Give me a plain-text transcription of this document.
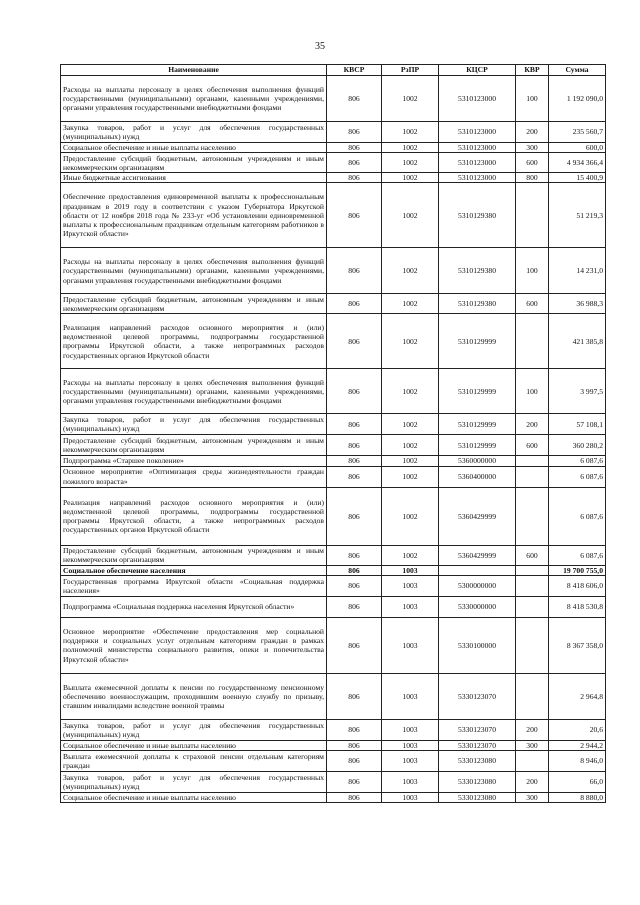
35
Наименование	КВСР	РзПР	КЦСР	КВР	Сумма
Расходы на выплаты персоналу в целях обеспечения выполнения функций государственными (муниципальными) органами, казенными учреждениями, органами управления государственными внебюджетными фондами	806	1002	5310123000	100	1 192 090,0
Закупка товаров, работ и услуг для обеспечения государственных (муниципальных) нужд	806	1002	5310123000	200	235 560,7
Социальное обеспечение и иные выплаты населению	806	1002	5310123000	300	600,0
Предоставление субсидий бюджетным, автономным учреждениям и иным некоммерческим организациям	806	1002	5310123000	600	4 934 366,4
Иные бюджетные ассигнования	806	1002	5310123000	800	15 400,9
Обеспечение предоставления единовременной выплаты к профессиональным праздникам в 2019 году в соответствии с указом Губернатора Иркутской области от 12 ноября 2018 года № 233-уг «Об установлении единовременной выплаты к профессиональным праздникам отдельным категориям работников в Иркутской области»	806	1002	5310129380		51 219,3
Расходы на выплаты персоналу в целях обеспечения выполнения функций государственными (муниципальными) органами, казенными учреждениями, органами управления государственными внебюджетными фондами	806	1002	5310129380	100	14 231,0
Предоставление субсидий бюджетным, автономным учреждениям и иным некоммерческим организациям	806	1002	5310129380	600	36 988,3
Реализация направлений расходов основного мероприятия и (или) ведомственной целевой программы, подпрограммы государственной программы Иркутской области, а также непрограммных расходов государственных органов Иркутской области	806	1002	5310129999		421 385,8
Расходы на выплаты персоналу в целях обеспечения выполнения функций государственными (муниципальными) органами, казенными учреждениями, органами управления государственными внебюджетными фондами	806	1002	5310129999	100	3 997,5
Закупка товаров, работ и услуг для обеспечения государственных (муниципальных) нужд	806	1002	5310129999	200	57 108,1
Предоставление субсидий бюджетным, автономным учреждениям и иным некоммерческим организациям	806	1002	5310129999	600	360 280,2
Подпрограмма «Старшее поколение»	806	1002	5360000000		6 087,6
Основное мероприятие «Оптимизация среды жизнедеятельности граждан пожилого возраста»	806	1002	5360400000		6 087,6
Реализация направлений расходов основного мероприятия и (или) ведомственной целевой программы, подпрограммы государственной программы Иркутской области, а также непрограммных расходов государственных органов Иркутской области	806	1002	5360429999		6 087,6
Предоставление субсидий бюджетным, автономным учреждениям и иным некоммерческим организациям	806	1002	5360429999	600	6 087,6
Социальное обеспечение населения	806	1003			19 700 755,0
Государственная программа Иркутской области «Социальная поддержка населения»	806	1003	5300000000		8 418 606,0
Подпрограмма «Социальная поддержка населения Иркутской области»	806	1003	5330000000		8 418 530,8
Основное мероприятие «Обеспечение предоставления мер социальной поддержки и социальных услуг отдельным категориям граждан в рамках полномочий министерства социального развития, опеки и попечительства Иркутской области»	806	1003	5330100000		8 367 358,0
Выплата ежемесячной доплаты к пенсии по государственному пенсионному обеспечению военнослужащим, проходившим военную службу по призыву, ставшим инвалидами вследствие военной травмы	806	1003	5330123070		2 964,8
Закупка товаров, работ и услуг для обеспечения государственных (муниципальных) нужд	806	1003	5330123070	200	20,6
Социальное обеспечение и иные выплаты населению	806	1003	5330123070	300	2 944,2
Выплата ежемесячной доплаты к страховой пенсии отдельным категориям граждан	806	1003	5330123080		8 946,0
Закупка товаров, работ и услуг для обеспечения государственных (муниципальных) нужд	806	1003	5330123080	200	66,0
Социальное обеспечение и иные выплаты населению	806	1003	5330123080	300	8 880,0
